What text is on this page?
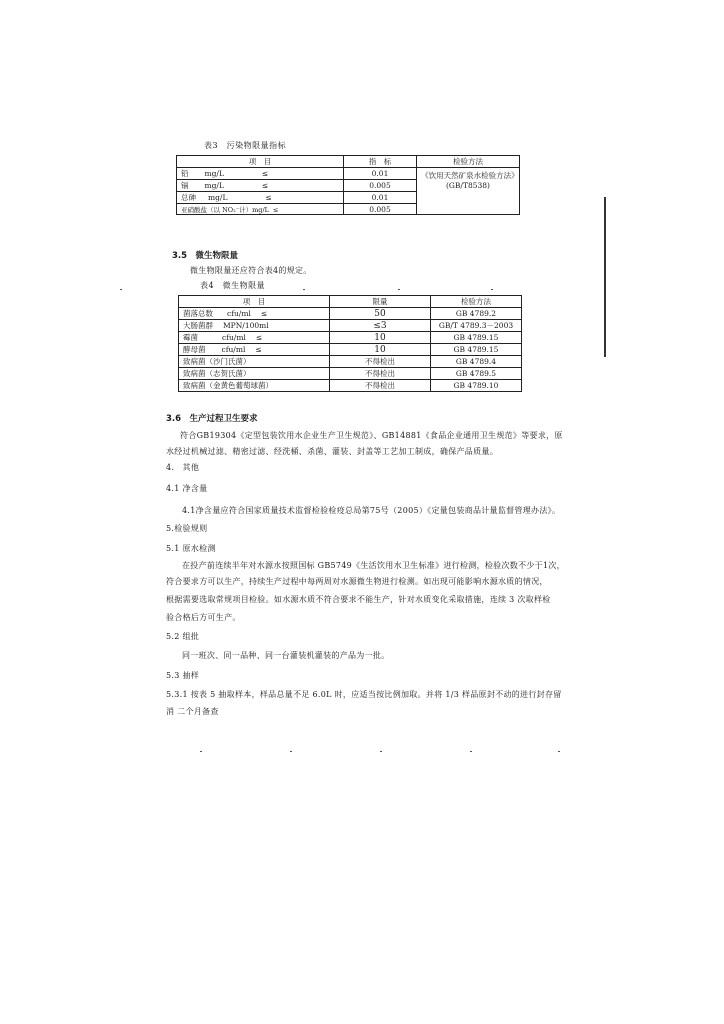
表3　污染物限量指标
项　目	指　标	检验方法
铅 mg/L ≤	0.01	《饮用天然矿泉水检验方法》(GB/T8538)
镉 mg/L ≤	0.005	
总砷 mg/L ≤	0.01	
亚硝酸盐（以 NO₂⁻计）mg/L ≤	0.005	
3.5　微生物限量
微生物限量还应符合表4的规定。
表4　微生物限量
项　目	限量	检验方法
菌落总数 cfu/ml ≤	50	GB 4789.2
大肠菌群 MPN/100ml	≤3	GB/T 4789.3－2003
霉菌 cfu/ml ≤	10	GB 4789.15
酵母菌 cfu/ml ≤	10	GB 4789.15
致病菌（沙门氏菌）	不得检出	GB 4789.4
致病菌（志贺氏菌）	不得检出	GB 4789.5
致病菌（金黄色葡萄球菌）	不得检出	GB 4789.10
3.6　生产过程卫生要求
符合GB19304《定型包装饮用水企业生产卫生规范》、GB14881《食品企业通用卫生规范》等要求，原
水经过机械过滤、精密过滤、经洗桶、杀菌、灌装、封盖等工艺加工制成，确保产品质量。
4.　其他
4.1 净含量
4.1净含量应符合国家质量技术监督检验检疫总局第75号（2005）《定量包装商品计量监督管理办法》。
5.检验规则
5.1 原水检测
在投产前连续半年对水源水按照国标 GB5749《生活饮用水卫生标准》进行检测，检验次数不少于1次，
符合要求方可以生产，持续生产过程中每两周对水源微生物进行检测。如出现可能影响水源水质的情况，
根据需要选取常规项目检验。如水源水质不符合要求不能生产，针对水质变化采取措施，连续 3 次取样检
验合格后方可生产。
5.2 组批
同一班次、同一品种、同一台灌装机灌装的产品为一批。
5.3 抽样
5.3.1 按表 5 抽取样本，样品总量不足 6.0L 时，应适当按比例加取。并将 1/3 样品原封不动的进行封存留
消 二个月备查
